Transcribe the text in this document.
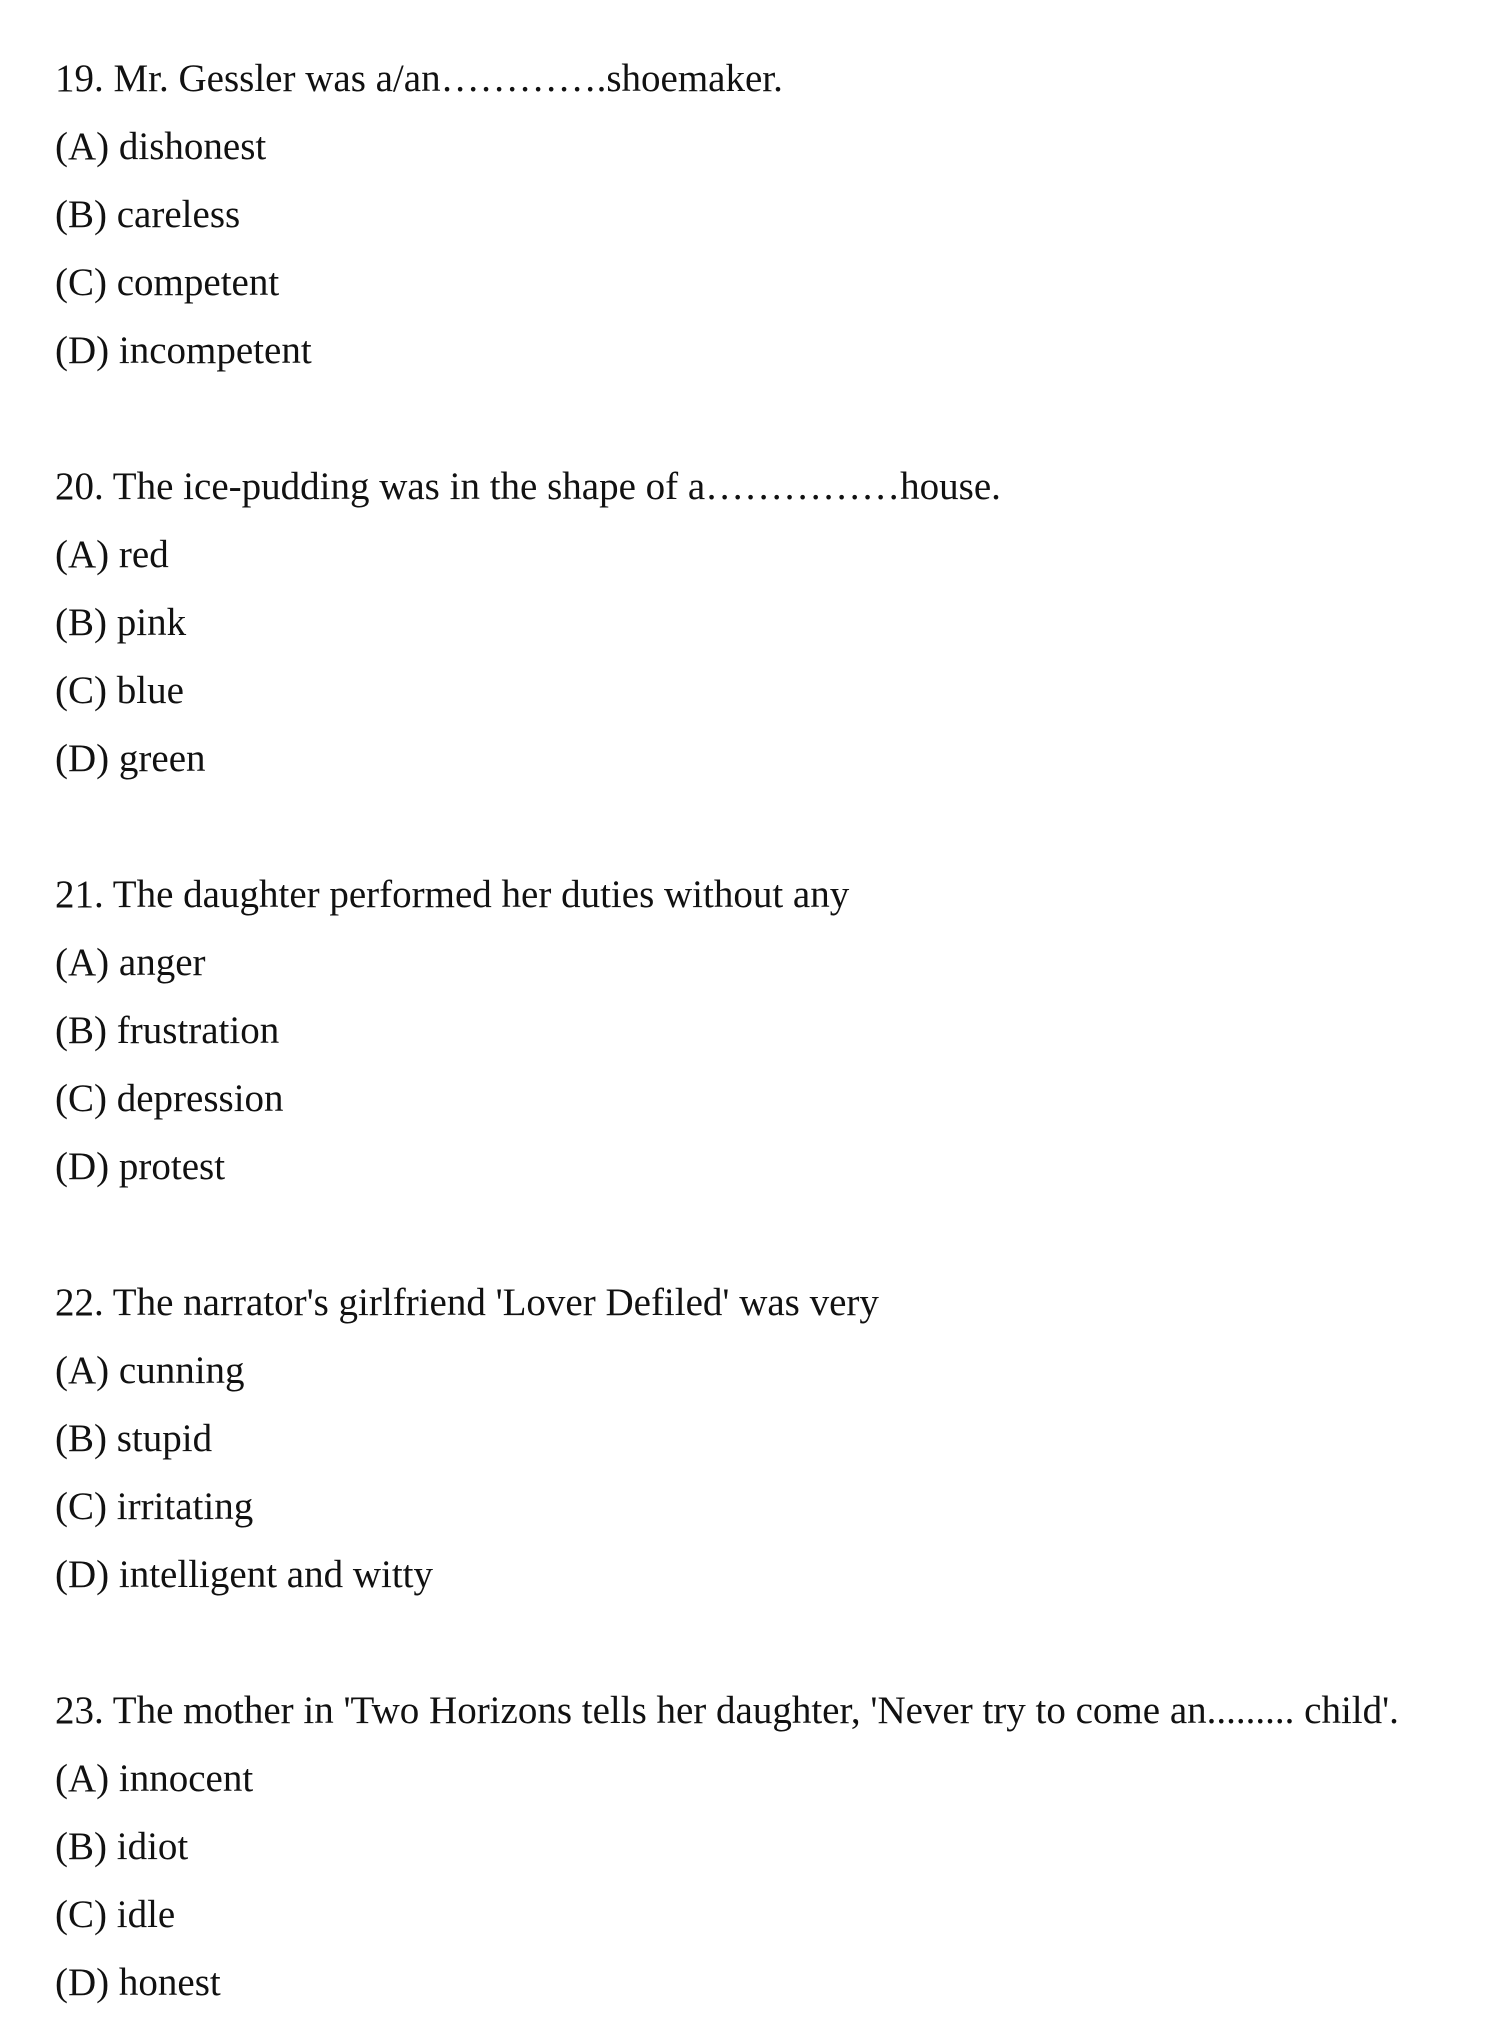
19. Mr. Gessler was a/an………….shoemaker.
(A) dishonest
(B) careless
(C) competent
(D) incompetent
20. The ice-pudding was in the shape of a……………house.
(A) red
(B) pink
(C) blue
(D) green
21. The daughter performed her duties without any
(A) anger
(B) frustration
(C) depression
(D) protest
22. The narrator's girlfriend 'Lover Defiled' was very
(A) cunning
(B) stupid
(C) irritating
(D) intelligent and witty
23. The mother in 'Two Horizons tells her daughter, 'Never try to come an......... child'.
(A) innocent
(B) idiot
(C) idle
(D) honest
